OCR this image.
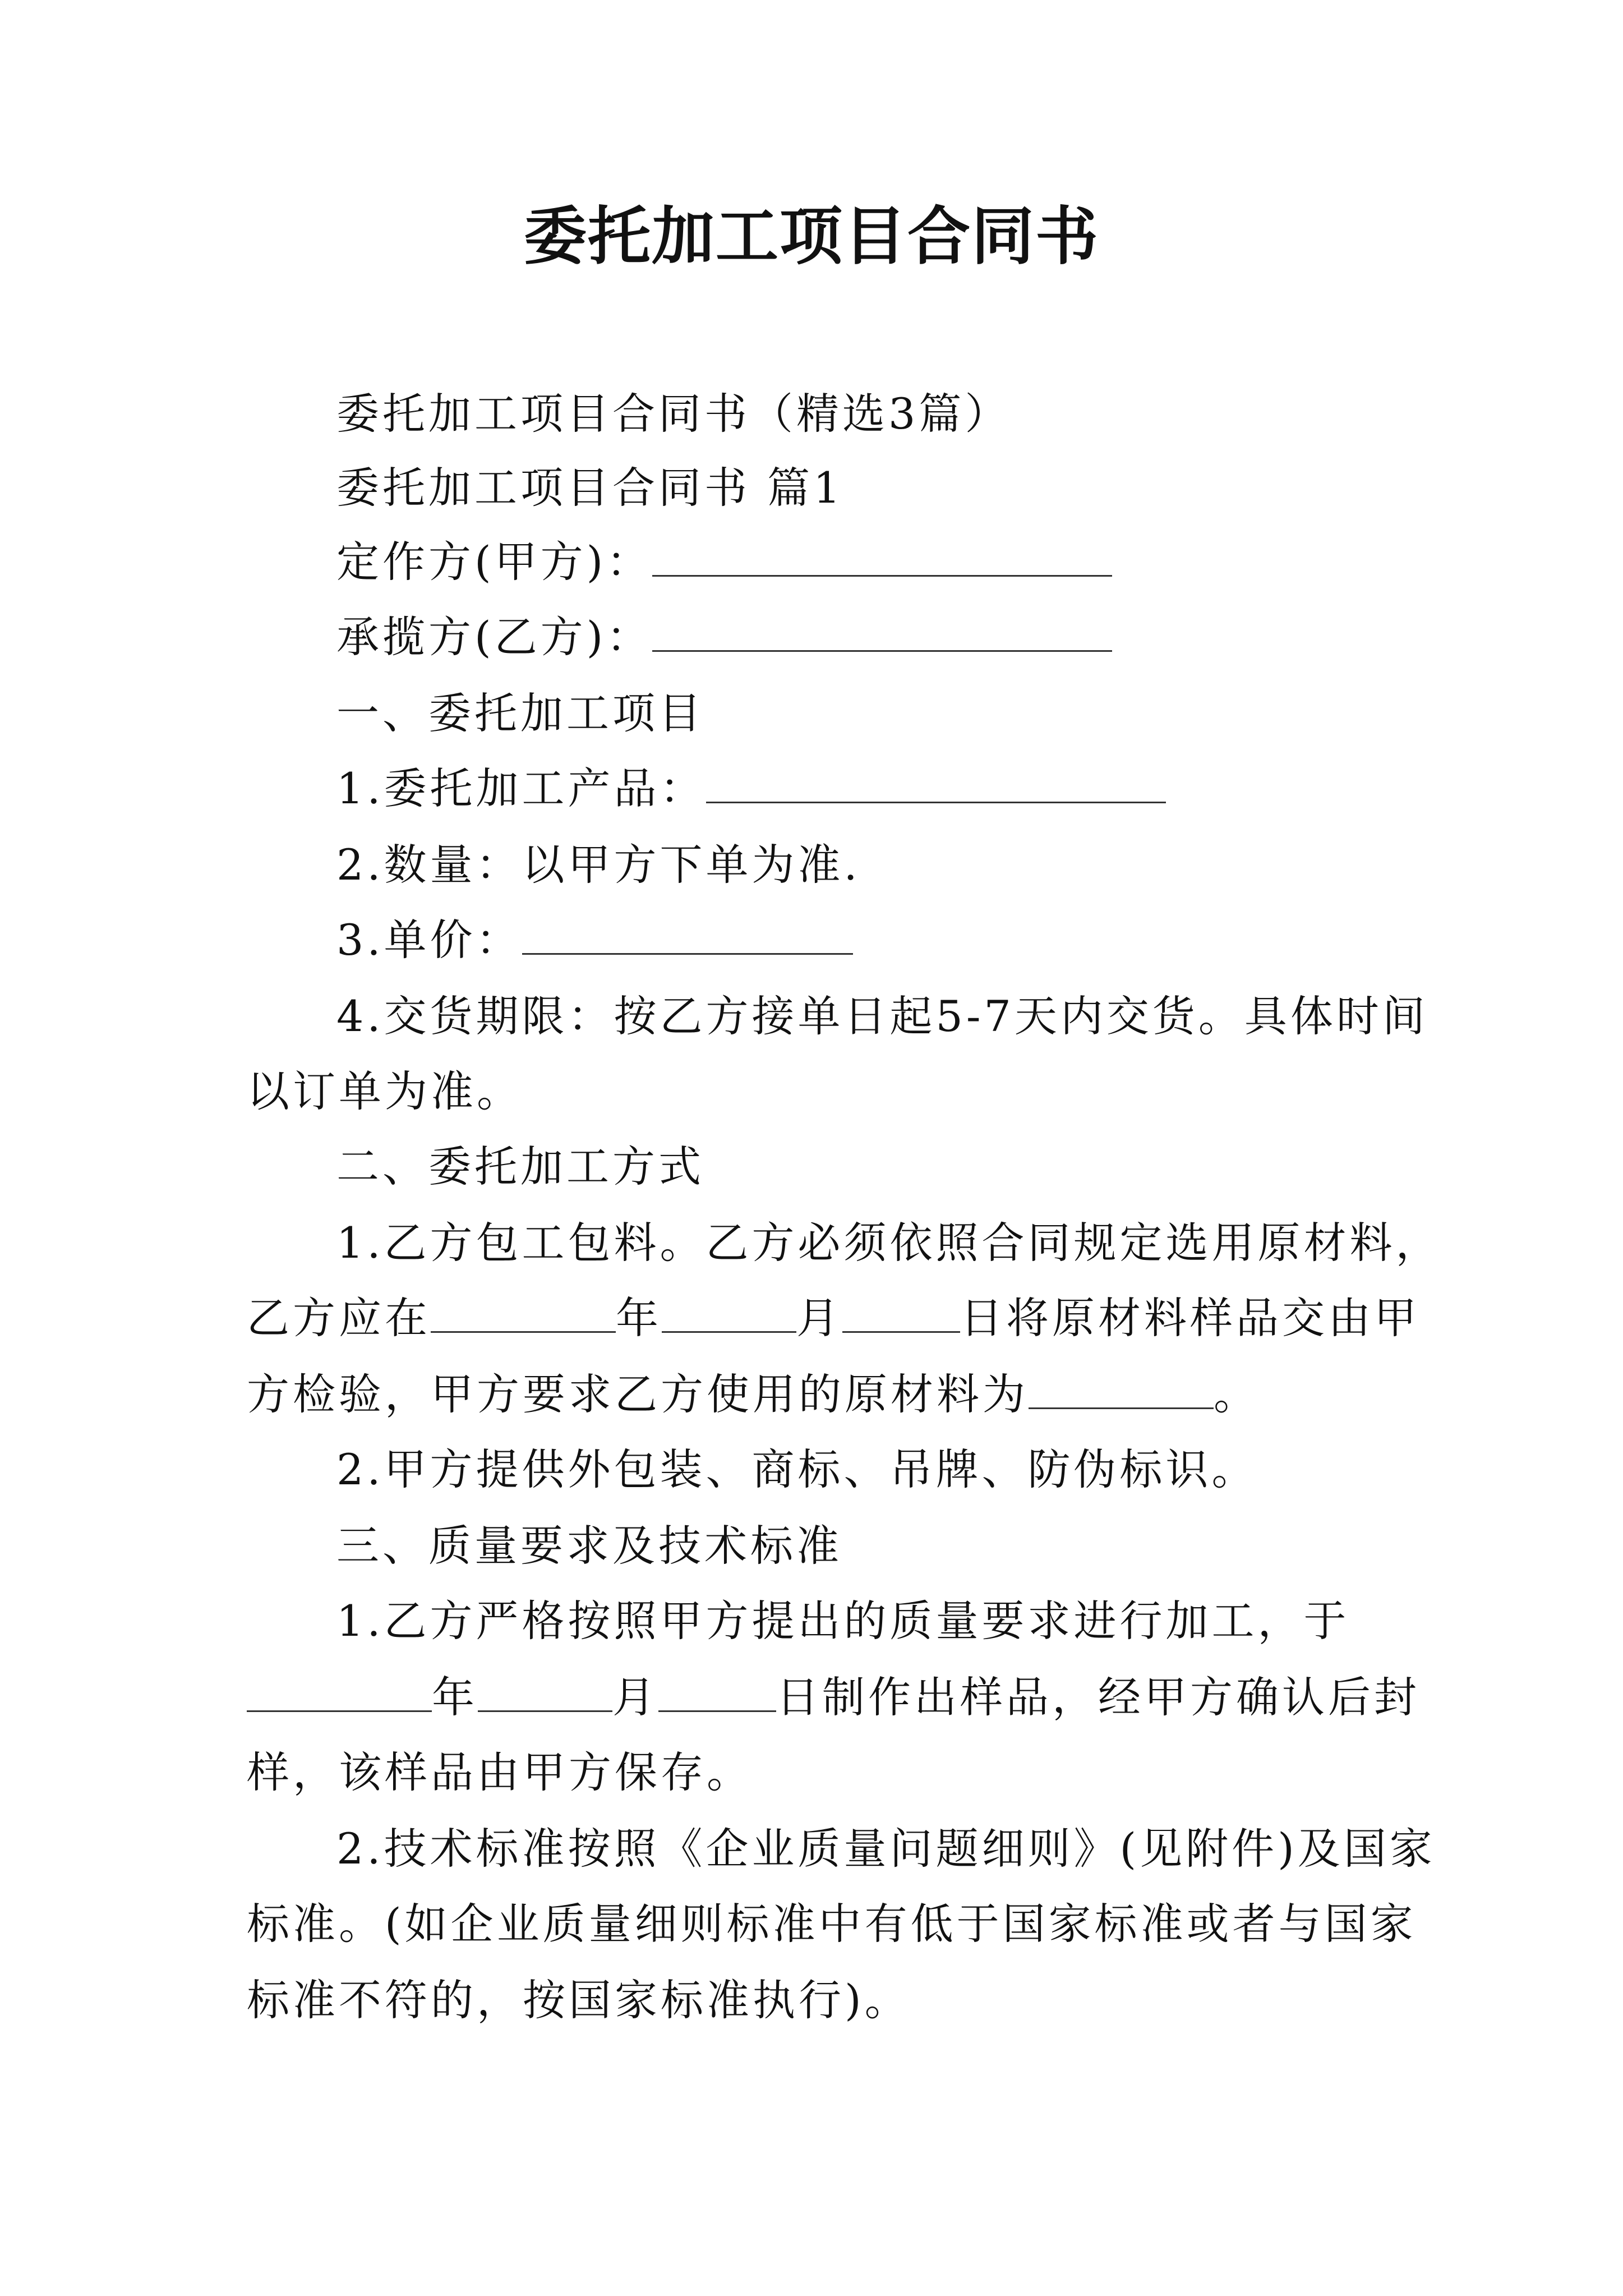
委托加工项目合同书
委托加工项目合同书（精选3篇）
委托加工项目合同书 篇1
定作方(甲方)：
承揽方(乙方)：
一、委托加工项目
1.委托加工产品：
2.数量：以甲方下单为准.
3.单价：
4.交货期限：按乙方接单日起5-7天内交货。具体时间
以订单为准。
二、委托加工方式
1.乙方包工包料。乙方必须依照合同规定选用原材料，
乙方应在	年	月	日将原材料样品交由甲
方检验，甲方要求乙方使用的原材料为	。
2.甲方提供外包装、商标、吊牌、防伪标识。
三、质量要求及技术标准
1.乙方严格按照甲方提出的质量要求进行加工，于
年	月	日制作出样品，经甲方确认后封
样，该样品由甲方保存。
2.技术标准按照《企业质量问题细则》(见附件)及国家
标准。(如企业质量细则标准中有低于国家标准或者与国家
标准不符的，按国家标准执行)。
